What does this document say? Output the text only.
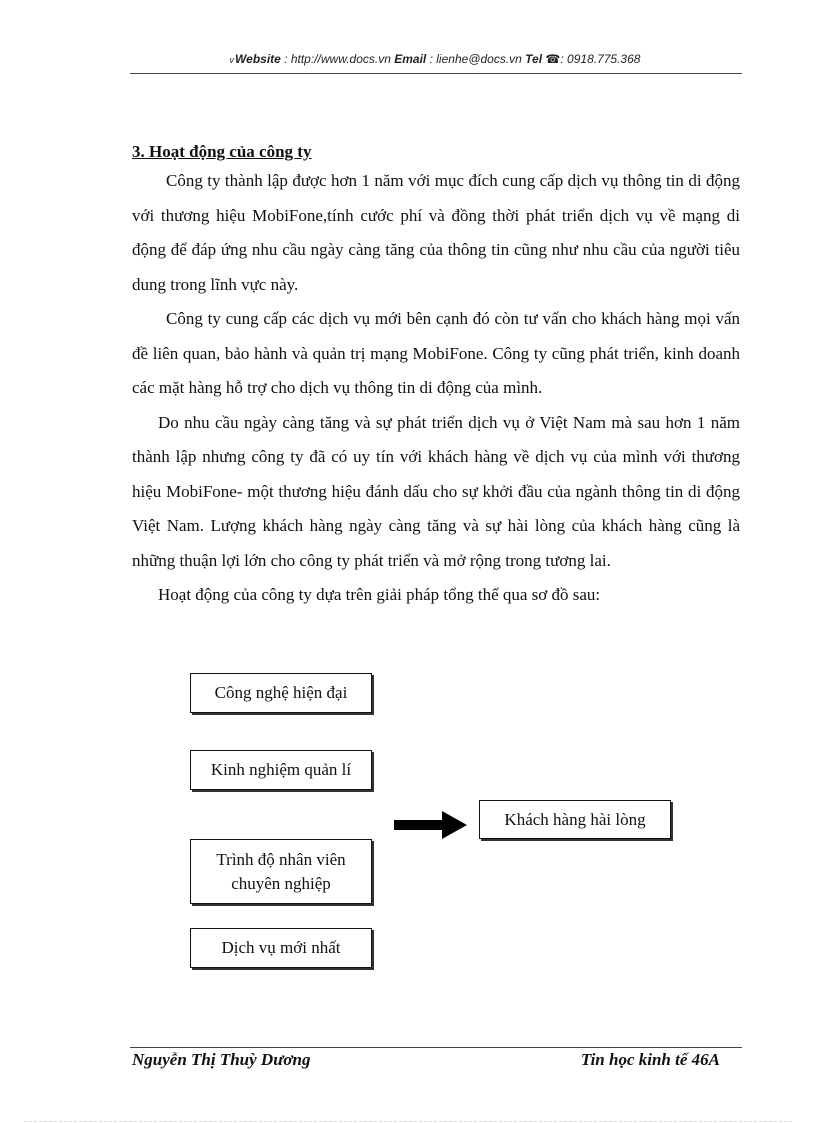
vWebsite : http://www.docs.vn Email : lienhe@docs.vn Tel ☎: 0918.775.368
3. Hoạt động của công ty

Công ty thành lập được hơn 1 năm với mục đích cung cấp dịch vụ thông tin di động với thương hiệu MobiFone,tính cước phí và đồng thời phát triển dịch vụ về mạng di động để đáp ứng nhu cầu ngày càng tăng của thông tin cũng như nhu cầu của người tiêu dung trong lĩnh vực này.

Công ty cung cấp các dịch vụ mới bên cạnh đó còn tư vấn cho khách hàng mọi vấn đề liên quan, bảo hành và quản trị mạng MobiFone. Công ty cũng phát triển, kinh doanh các mặt hàng hỗ trợ cho dịch vụ thông tin di động của mình.

Do nhu cầu ngày càng tăng và sự phát triển dịch vụ ở Việt Nam mà sau hơn 1 năm thành lập nhưng công ty đã có uy tín với khách hàng về dịch vụ của mình với thương hiệu MobiFone- một thương hiệu đánh dấu cho sự khởi đầu của ngành thông tin di động Việt Nam. Lượng khách hàng ngày càng tăng và sự hài lòng của khách hàng cũng là những thuận lợi lớn cho công ty phát triển và mở rộng trong tương lai.

Hoạt động của công ty dựa trên giải pháp tổng thể qua sơ đồ sau:

Công nghệ hiện đại
Kinh nghiệm quản lí
Trình độ nhân viên chuyên nghiệp
Dịch vụ mới nhất
Khách hàng hài lòng
Nguyễn Thị Thuỳ Dương	Tin học kinh tế 46A
